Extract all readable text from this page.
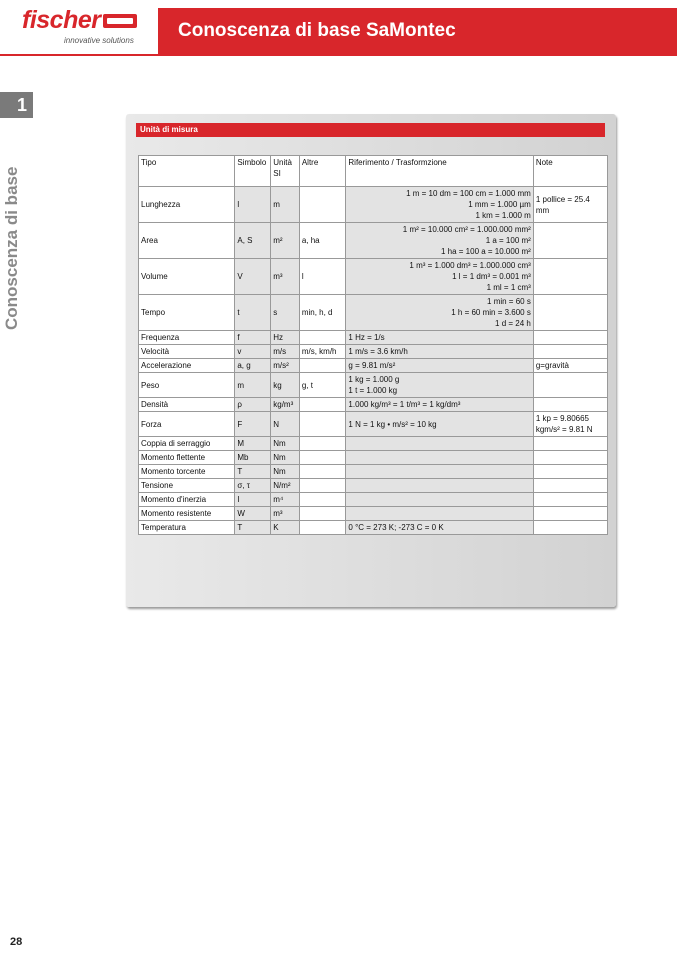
fischer
innovative solutions Conoscenza di base SaMontec
1
Conoscenza di base
Unità di misura
Tipo	Simbolo	Unità SI	Altre	Riferimento / Trasformzione	Note
Lunghezza	l	m		1 m = 10 dm = 100 cm = 1.000 mm
1 mm = 1.000 µm
1 km = 1.000 m	1 pollice = 25.4 mm
Area	A, S	m²	a, ha	1 m² = 10.000 cm² = 1.000.000 mm²
1 a = 100 m²
1 ha = 100 a = 10.000 m²	
Volume	V	m³	l	1 m³ = 1.000 dm³ = 1.000.000 cm³
1 l = 1 dm³ = 0.001 m³
1 ml = 1 cm³	
Tempo	t	s	min, h, d	1 min = 60 s
1 h = 60 min = 3.600 s
1 d = 24 h	
Frequenza	f	Hz		1 Hz = 1/s	
Velocità	v	m/s	m/s, km/h	1 m/s = 3.6 km/h	
Accelerazione	a, g	m/s²		g = 9.81 m/s²	g=gravità
Peso	m	kg	g, t	1 kg = 1.000 g
1 t = 1.000 kg	
Densità	ρ	kg/m³		1.000 kg/m³ = 1 t/m³ = 1 kg/dm³	
Forza	F	N		1 N = 1 kg • m/s² = 10 kg	1 kp = 9.80665 kgm/s² = 9.81 N
Coppia di serraggio	M	Nm			
Momento flettente	Mb	Nm			
Momento torcente	T	Nm			
Tensione	σ, τ	N/m²			
Momento d'inerzia	I	m⁴			
Momento resistente	W	m³			
Temperatura	T	K		0 °C = 273 K; -273 C = 0 K	
28
